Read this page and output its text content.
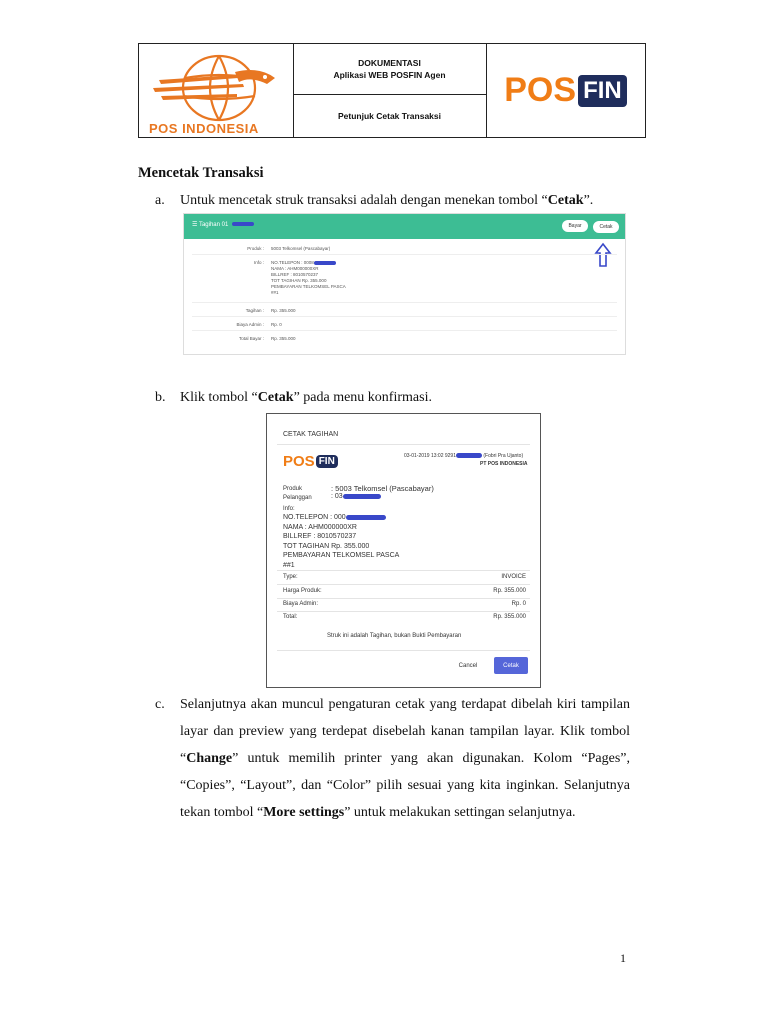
POS INDONESIA
DOKUMENTASI
Aplikasi WEB POSFIN Agen
Petunjuk Cetak Transaksi
POS FIN
Mencetak Transaksi
a. Untuk mencetak struk transaksi adalah dengan menekan tombol “Cetak”.
☰ Tagihan 01	Bayar	Cetak
Produk : 5003 Telkomsel (Pascabayar)
Info : NO.TELEPON : 0008
NAMA : AHM000000XR
BILLREF : 8010570237
TOT TAGIHAN Rp. 355.000
PEMBAYARAN TELKOMSEL PASCA
##1
Tagihan : Rp. 355.000
Biaya Admin : Rp. 0
Total Bayar : Rp. 355.000
b. Klik tombol “Cetak” pada menu konfirmasi.
CETAK TAGIHAN
POS FIN	03-01-2019 13:02 9291	(Fobri Pra Ujanto)
PT POS INDONESIA
Produk	: 5003 Telkomsel (Pascabayar)
Pelanggan	: 03
Info:
NO.TELEPON : 000
NAMA : AHM000000XR
BILLREF : 8010570237
TOT TAGIHAN Rp. 355.000
PEMBAYARAN TELKOMSEL PASCA
##1
Type:	INVOICE
Harga Produk:	Rp. 355.000
Biaya Admin:	Rp. 0
Total:	Rp. 355.000
Struk ini adalah Tagihan, bukan Bukti Pembayaran
Cancel	Cetak
c. Selanjutnya akan muncul pengaturan cetak yang terdapat dibelah kiri tampilan
layar dan preview yang terdepat disebelah kanan tampilan layar. Klik tombol
“Change” untuk memilih printer yang akan digunakan. Kolom “Pages”,
“Copies”, “Layout”, dan “Color” pilih sesuai yang kita inginkan. Selanjutnya
tekan tombol “More settings” untuk melakukan settingan selanjutnya.
1
